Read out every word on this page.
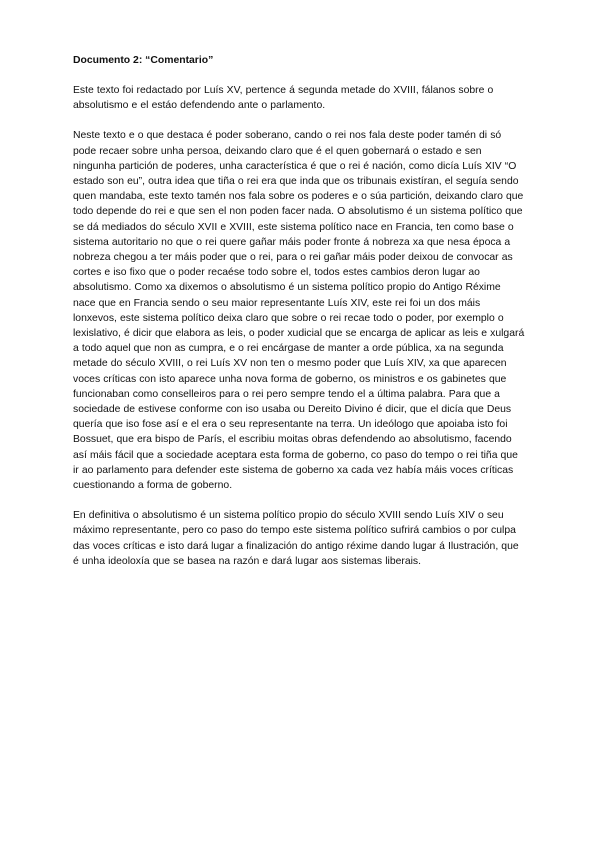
Documento 2: “Comentario”

Este texto foi redactado por Luís XV, pertence á segunda metade do XVIII, fálanos sobre o absolutismo e el estáo defendendo ante o parlamento.

Neste texto e o que destaca é poder soberano, cando o rei nos fala deste poder tamén di só pode recaer sobre unha persoa, deixando claro que é el quen gobernará o estado e sen ningunha partición de poderes, unha característica é que o rei é nación, como dicía Luís XIV “O estado son eu”, outra idea que tiña o rei era que inda que os tribunais existíran, el seguía sendo quen mandaba, este texto tamén nos fala sobre os poderes e o súa partición, deixando claro que todo depende do rei e que sen el non poden facer nada. O absolutismo é un sistema político que se dá mediados do século XVII e XVIII, este sistema político nace en Francia, ten como base o sistema autoritario no que o rei quere gañar máis poder fronte á nobreza xa que nesa época a nobreza chegou a ter máis poder que o rei, para o rei gañar máis poder deixou de convocar as cortes e iso fixo que o poder recaése todo sobre el, todos estes cambios deron lugar ao absolutismo. Como xa dixemos o absolutismo é un sistema político propio do Antigo Réxime nace que en Francia sendo o seu maior representante Luís XIV, este rei foi un dos máis lonxevos, este sistema político deixa claro que sobre o rei recae todo o poder, por exemplo o lexislativo, é dicir que elabora as leis, o poder xudicial que se encarga de aplicar as leis e xulgará a todo aquel que non as cumpra, e o rei encárgase de manter a orde pública, xa na segunda metade do século XVIII, o rei Luís XV non ten o mesmo poder que Luís XIV, xa que aparecen voces críticas con isto aparece unha nova forma de goberno, os ministros e os gabinetes que funcionaban como conselleiros para o rei pero sempre tendo el a última palabra. Para que a sociedade de estivese conforme con iso usaba ou Dereito Divino é dicir, que el dicía que Deus quería que iso fose así e el era o seu representante na terra. Un ideólogo que apoiaba isto foi Bossuet, que era bispo de París, el escribiu moitas obras defendendo ao absolutismo, facendo así máis fácil que a sociedade aceptara esta forma de goberno, co paso do tempo o rei tiña que ir ao parlamento para defender este sistema de goberno xa cada vez había máis voces críticas cuestionando a forma de goberno.

En definitiva o absolutismo é un sistema político propio do século XVIII sendo Luís XIV o seu máximo representante, pero co paso do tempo este sistema político sufrirá cambios o por culpa das voces críticas e isto dará lugar a finalización do antigo réxime dando lugar á Ilustración, que é unha ideoloxía que se basea na razón e dará lugar aos sistemas liberais.
